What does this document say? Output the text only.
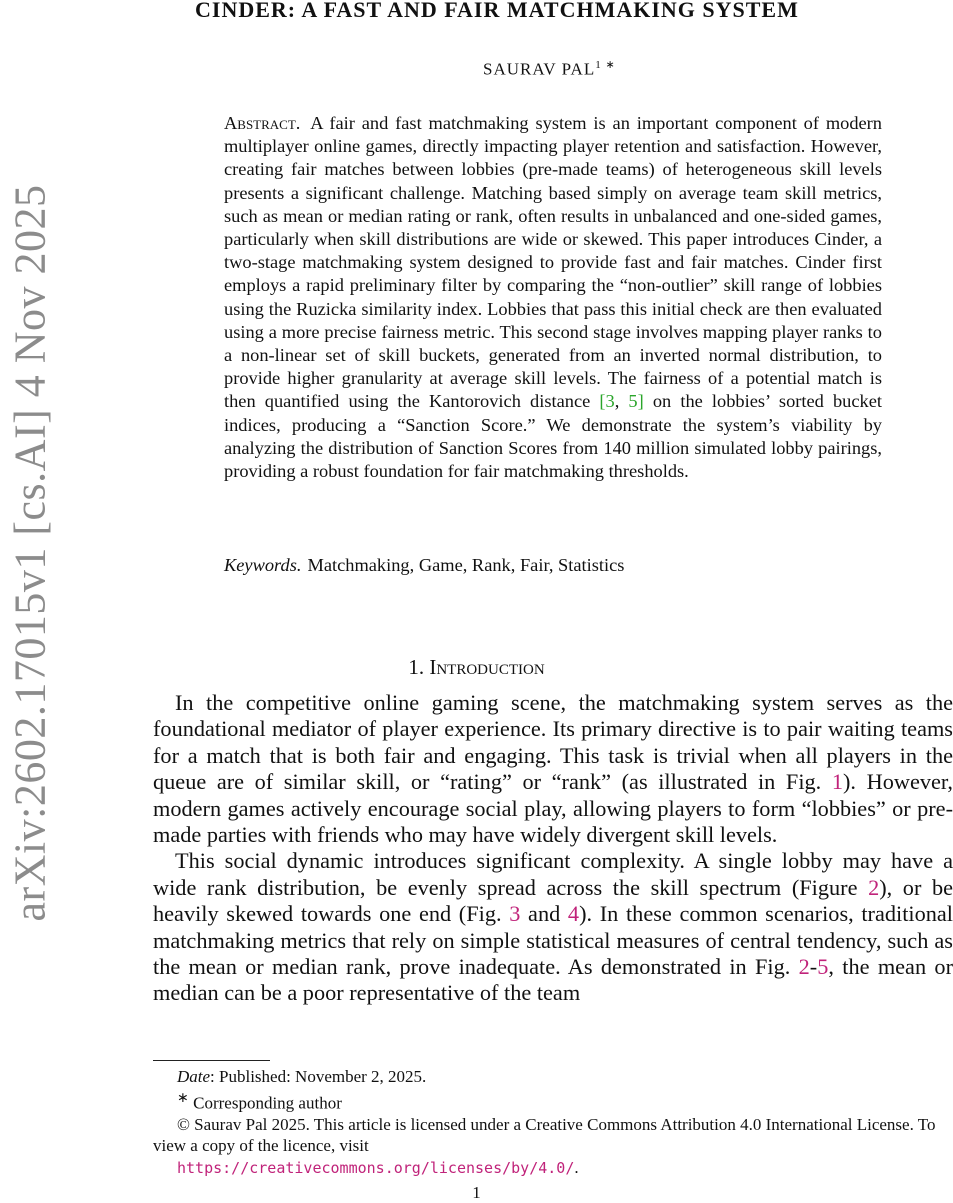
arXiv:2602.17015v1 [cs.AI] 4 Nov 2025
CINDER: A FAST AND FAIR MATCHMAKING SYSTEM
SAURAV $PAL^{1 ∗}$
Abstract. A fair and fast matchmaking system is an important component of modern multiplayer online games, directly impacting player retention and satisfaction. However, creating fair matches between lobbies (pre-made teams) of heterogeneous skill levels presents a significant challenge. Matching based simply on average team skill metrics, such as mean or median rating or rank, often results in unbalanced and one-sided games, particularly when skill distributions are wide or skewed. This paper introduces Cinder, a two-stage matchmaking system designed to provide fast and fair matches. Cinder first employs a rapid preliminary filter by comparing the “non-outlier” skill range of lobbies using the Ruzicka similarity index. Lobbies that pass this initial check are then evaluated using a more precise fairness metric. This second stage involves mapping player ranks to a non-linear set of skill buckets, generated from an inverted normal distribution, to provide higher granularity at average skill levels. The fairness of a potential match is then quantified using the Kantorovich distance [3, 5] on the lobbies’ sorted bucket indices, producing a “Sanction Score.” We demonstrate the system’s viability by analyzing the distribution of Sanction Scores from 140 million simulated lobby pairings, providing a robust foundation for fair matchmaking thresholds.
Keywords. Matchmaking, Game, Rank, Fair, Statistics
1. Introduction

In the competitive online gaming scene, the matchmaking system serves as the foundational mediator of player experience. Its primary directive is to pair waiting teams for a match that is both fair and engaging. This task is trivial when all players in the queue are of similar skill, or “rating” or “rank” (as illustrated in Fig. 1). However, modern games actively encourage social play, allowing players to form “lobbies” or pre-made parties with friends who may have widely divergent skill levels.

This social dynamic introduces significant complexity. A single lobby may have a wide rank distribution, be evenly spread across the skill spectrum (Figure 2), or be heavily skewed towards one end (Fig. 3 and 4). In these common scenarios, traditional matchmaking metrics that rely on simple statistical measures of central tendency, such as the mean or median rank, prove inadequate. As demonstrated in Fig. 2-5, the mean or median can be a poor representative of the team

Date: Published: November 2, 2025.
∗ Corresponding author
© Saurav Pal 2025. This article is licensed under a Creative Commons Attribution 4.0 International License. To view a copy of the licence, visit
https://creativecommons.org/licenses/by/4.0/.
1
